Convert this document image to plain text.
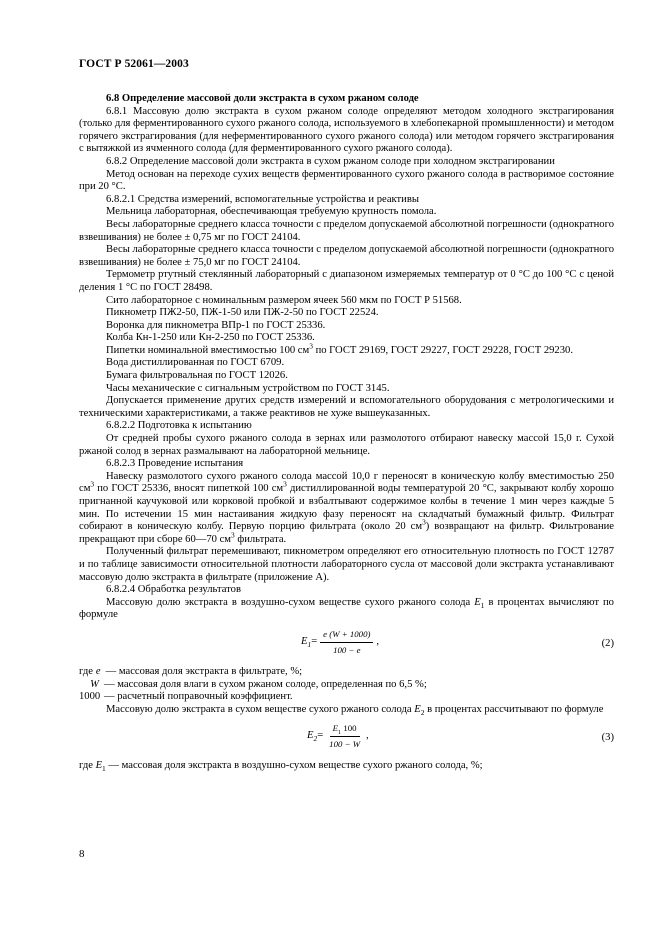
ГОСТ Р 52061—2003

6.8 Определение массовой доли экстракта в сухом ржаном солоде

6.8.1 Массовую долю экстракта в сухом ржаном солоде определяют методом холодного экстрагирования (только для ферментированного сухого ржаного солода, используемого в хлебопекарной промышленности) и методом горячего экстрагирования (для неферментированного сухого ржаного солода) или методом горячего экстрагирования с вытяжкой из ячменного солода (для ферментированного сухого ржаного солода).

6.8.2 Определение массовой доли экстракта в сухом ржаном солоде при холодном экстрагировании

Метод основан на переходе сухих веществ ферментированного сухого ржаного солода в растворимое состояние при 20 °С.

6.8.2.1 Средства измерений, вспомогательные устройства и реактивы

Мельница лабораторная, обеспечивающая требуемую крупность помола.

Весы лабораторные среднего класса точности с пределом допускаемой абсолютной погрешности (однократного взвешивания) не более ± 0,75 мг по ГОСТ 24104.

Весы лабораторные среднего класса точности с пределом допускаемой абсолютной погрешности (однократного взвешивания) не более ± 75,0 мг по ГОСТ 24104.

Термометр ртутный стеклянный лабораторный с диапазоном измеряемых температур от 0 °С до 100 °С с ценой деления 1 °С по ГОСТ 28498.

Сито лабораторное с номинальным размером ячеек 560 мкм по ГОСТ Р 51568.

Пикнометр ПЖ2-50, ПЖ-1-50 или ПЖ-2-50 по ГОСТ 22524.

Воронка для пикнометра ВПр-1 по ГОСТ 25336.

Колба Кн-1-250 или Кн-2-250 по ГОСТ 25336.

Пипетки номинальной вместимостью 100 $см^3$ по ГОСТ 29169, ГОСТ 29227, ГОСТ 29228, ГОСТ 29230.

Вода дистиллированная по ГОСТ 6709.

Бумага фильтровальная по ГОСТ 12026.

Часы механические с сигнальным устройством по ГОСТ 3145.

Допускается применение других средств измерений и вспомогательного оборудования с метрологическими и техническими характеристиками, а также реактивов не хуже вышеуказанных.

6.8.2.2 Подготовка к испытанию

От средней пробы сухого ржаного солода в зернах или размолотого отбирают навеску массой 15,0 г. Сухой ржаной солод в зернах размалывают на лабораторной мельнице.

6.8.2.3 Проведение испытания

Навеску размолотого сухого ржаного солода массой 10,0 г переносят в коническую колбу вместимостью 250 $см^3$ по ГОСТ 25336, вносят пипеткой 100 $см^3$ дистиллированной воды температурой 20 °С, закрывают колбу хорошо пригнанной каучуковой или корковой пробкой и взбалтывают содержимое колбы в течение 1 мин через каждые 5 мин. По истечении 15 мин настаивания жидкую фазу переносят на складчатый бумажный фильтр. Фильтрат собирают в коническую колбу. Первую порцию фильтрата (около 20 $см^3$) возвращают на фильтр. Фильтрование прекращают при сборе 60—70 $см^3$ фильтрата.

Полученный фильтрат перемешивают, пикнометром определяют его относительную плотность по ГОСТ 12787 и по таблице зависимости относительной плотности лабораторного сусла от массовой доли экстракта устанавливают массовую долю экстракта в фильтрате (приложение А).

6.8.2.4 Обработка результатов

Массовую долю экстракта в воздушно-сухом веществе сухого ржаного солода $E_1$ в процентах вычисляют по формуле

$E_1 = \frac{e (W + 1000)}{100 - e}$ ,	(2)
где e — массовая доля экстракта в фильтрате, %;
W — массовая доля влаги в сухом ржаном солоде, определенная по 6,5 %;
1000 — расчетный поправочный коэффициент.

Массовую долю экстракта в сухом веществе сухого ржаного солода $E_2$ в процентах рассчитывают по формуле

$E_2 = \frac{E_1 100}{100 - W}$ ,	(3)

где $E_1$ — массовая доля экстракта в воздушно-сухом веществе сухого ржаного солода, %;

8
